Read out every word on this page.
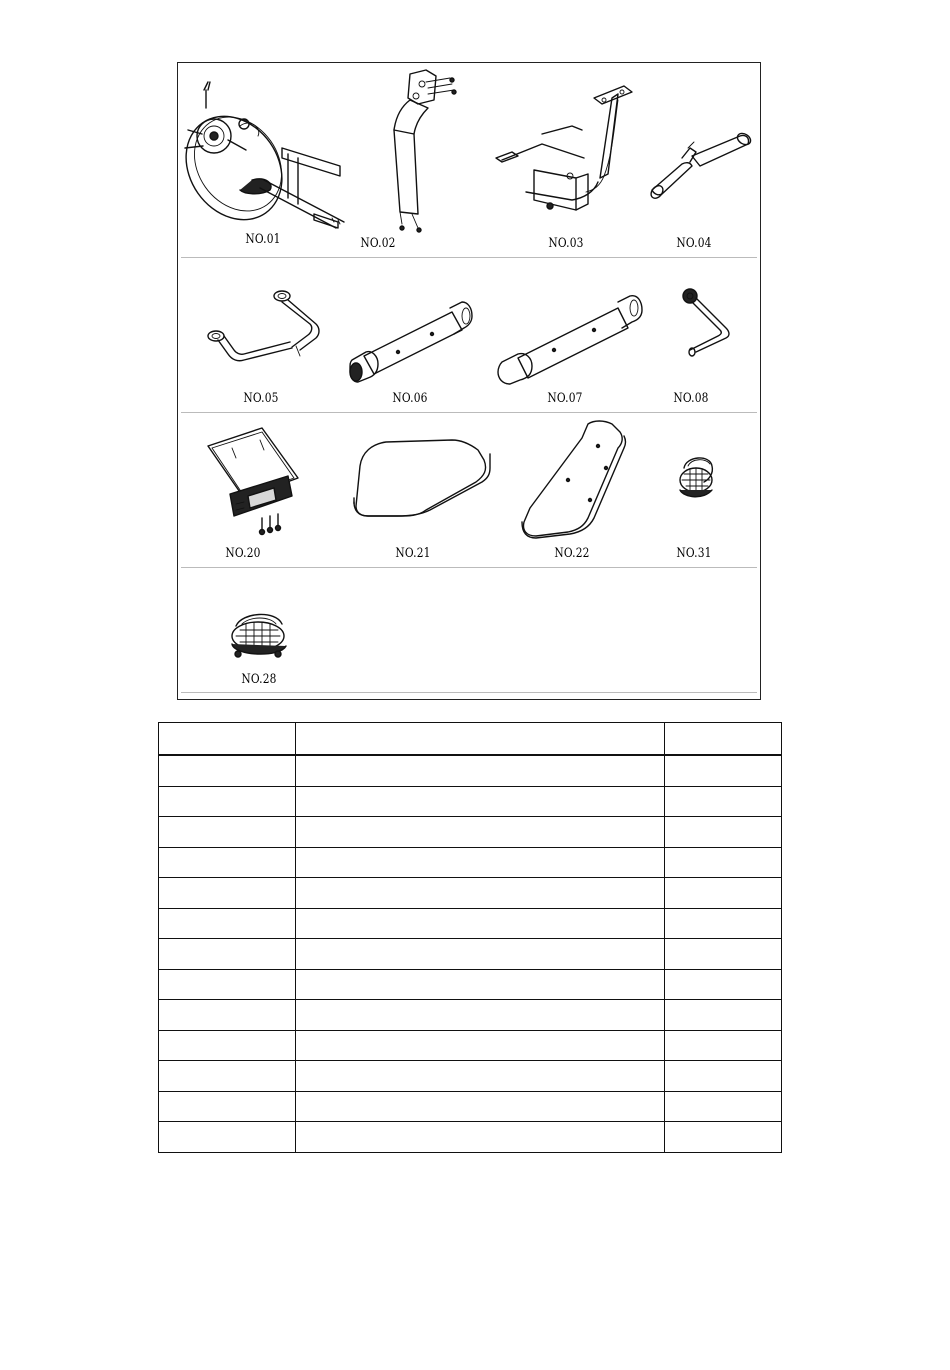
NO.01	NO.02	NO.03	NO.04
NO.05	NO.06	NO.07	NO.08
NO.20	NO.21	NO.22	NO.31
NO.28
